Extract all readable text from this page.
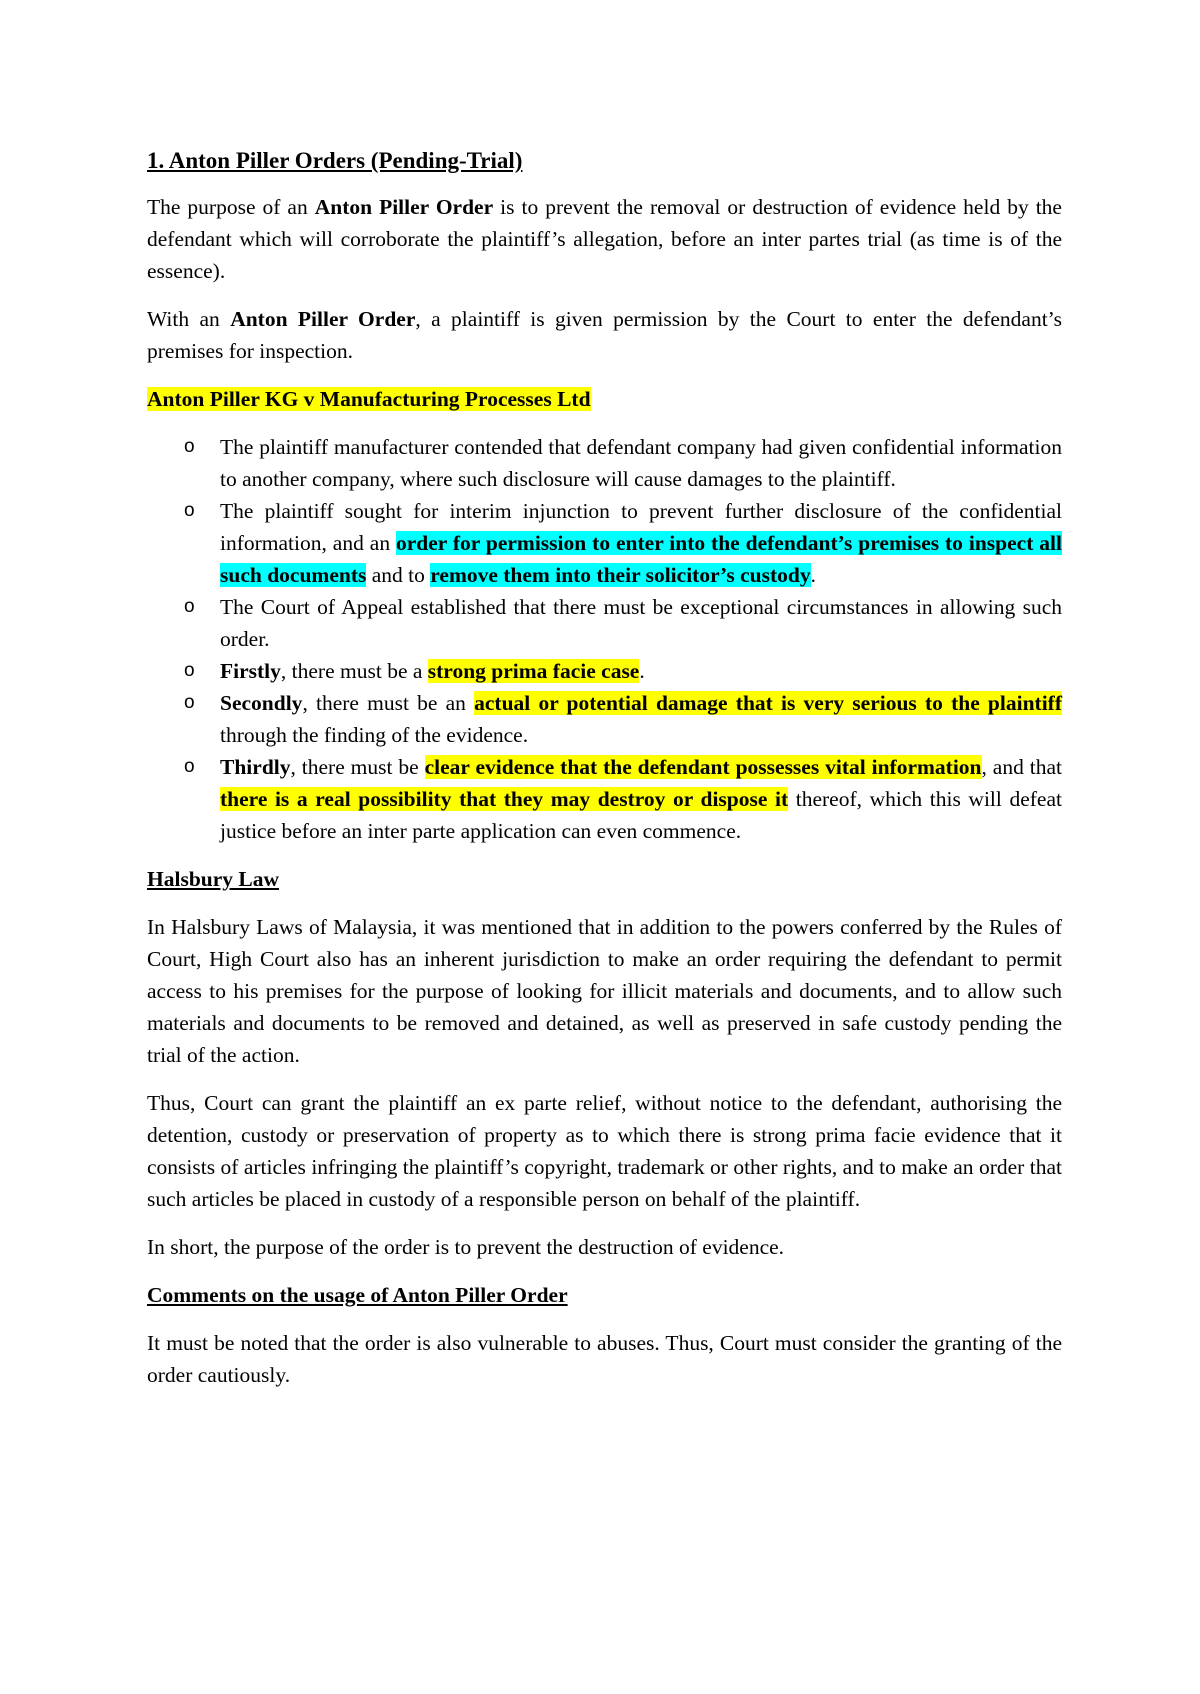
1. Anton Piller Orders (Pending-Trial)

The purpose of an Anton Piller Order is to prevent the removal or destruction of evidence held by the defendant which will corroborate the plaintiff’s allegation, before an inter partes trial (as time is of the essence).

With an Anton Piller Order, a plaintiff is given permission by the Court to enter the defendant’s premises for inspection.

Anton Piller KG v Manufacturing Processes Ltd
o The plaintiff manufacturer contended that defendant company had given confidential information to another company, where such disclosure will cause damages to the plaintiff.
o The plaintiff sought for interim injunction to prevent further disclosure of the confidential information, and an order for permission to enter into the defendant’s premises to inspect all such documents and to remove them into their solicitor’s custody.
o The Court of Appeal established that there must be exceptional circumstances in allowing such order.
o Firstly, there must be a strong prima facie case.
o Secondly, there must be an actual or potential damage that is very serious to the plaintiff through the finding of the evidence.
o Thirdly, there must be clear evidence that the defendant possesses vital information, and that there is a real possibility that they may destroy or dispose it thereof, which this will defeat justice before an inter parte application can even commence.
Halsbury Law

In Halsbury Laws of Malaysia, it was mentioned that in addition to the powers conferred by the Rules of Court, High Court also has an inherent jurisdiction to make an order requiring the defendant to permit access to his premises for the purpose of looking for illicit materials and documents, and to allow such materials and documents to be removed and detained, as well as preserved in safe custody pending the trial of the action.

Thus, Court can grant the plaintiff an ex parte relief, without notice to the defendant, authorising the detention, custody or preservation of property as to which there is strong prima facie evidence that it consists of articles infringing the plaintiff’s copyright, trademark or other rights, and to make an order that such articles be placed in custody of a responsible person on behalf of the plaintiff.

In short, the purpose of the order is to prevent the destruction of evidence.

Comments on the usage of Anton Piller Order

It must be noted that the order is also vulnerable to abuses. Thus, Court must consider the granting of the order cautiously.
